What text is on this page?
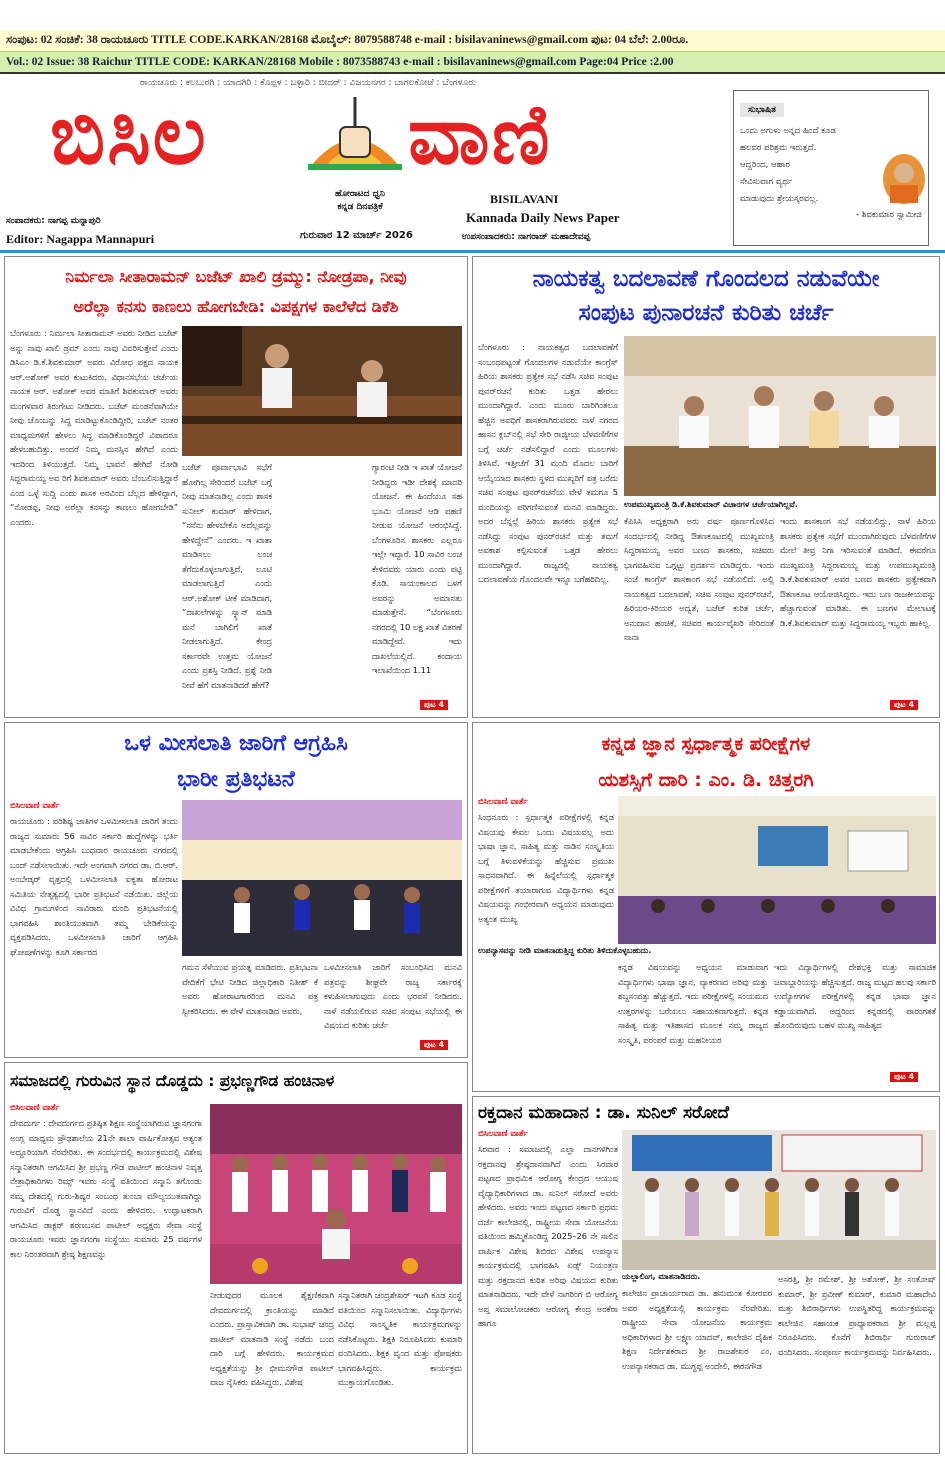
ಸಂಪುಟ: 02 ಸಂಚಿಕೆ: 38 ರಾಯಚೂರು TITLE CODE.KARKAN/28168 ಮೊಬೈಲ್: 8079588748 e-mail : bisilavaninews@gmail.com ಪುಟ: 04 ಬೆಲೆ: 2.00ರೂ.
Vol.: 02 Issue: 38 Raichur TITLE CODE: KARKAN/28168 Mobile : 8073588743 e-mail : bisilavaninews@gmail.com Page:04 Price :2.00
ರಾಯಚೂರು : ಕಲಬುರಗಿ : ಯಾದಗಿರಿ : ಕೊಪ್ಪಳ : ಬಳ್ಳಾರಿ : ಬೀದರ್ : ವಿಜಯನಗರ : ಬಾಗಲಕೋಟೆ : ಬೆಂಗಳೂರು
ಬಿಸಿಲ ವಾಣಿ
ಹೋರಾಟದ ಧ್ವನಿ
ಕನ್ನಡ ದಿನಪತ್ರಿಕೆ
BISILAVANI
Kannada Daily News Paper
ಸಂಪಾದಕರು: ನಾಗಪ್ಪ ಮನ್ನಾಪುರಿ
Editor: Nagappa Mannapuri	ಗುರುವಾರ 12 ಮಾರ್ಚ್ 2026	ಉಪಸಂಪಾದಕರು: ನಾಗರಾಜ್ ಮಹಾದೇವಪ್ಪ
ಸುಭಾಷಿತ
ಒಂದು ಅಗುಳು ಅನ್ನದ ಹಿಂದೆ ಕೂಡ
ಹಲವರ ಪರಿಶ್ರಮ ಇರುತ್ತದೆ.
ಆದ್ದರಿಂದ, ಆಹಾರ
ಸೇವಿಸುವಾಗ ವ್ಯರ್ಥ
ಮಾಡುವುದು ಶ್ರೇಯಸ್ಕರವಲ್ಲ.
- ಶಿವಕುಮಾರ ಸ್ವಾಮೀಜಿ
ನಿರ್ಮಲಾ ಸೀತಾರಾಮನ್ ಬಜೆಟ್ ಖಾಲಿ ಡ್ರಮ್ಮು: ನೋಡ್ರಪಾ, ನೀವು
ಅರೆಲ್ಲಾ ಕನಸು ಕಾಣಲು ಹೋಗಬೇಡಿ: ವಿಪಕ್ಷಗಳ ಕಾಲೆಳೆದ ಡಿಕೆಶಿ
ಬೆಂಗಳೂರು : ನಿರ್ಮಲಾ ಸೀತಾರಾಮನ್ ಅವರು ನೀಡಿದ ಬಜೆಟ್ ಅನ್ನು ನಾವು ಖಾಲಿ ಡ್ರಮ್ ಎಂದು ನಾವು ವಿವರಿಸುತ್ತೇವೆ ಎಂದು ಡಿಸಿಎಂ ಡಿ.ಕೆ.ಶಿವಕುಮಾರ್ ಅವರು ವಿರೋಧ ಪಕ್ಷದ ನಾಯಕ ಆರ್.ಅಶೋಕ್ ಅವರ ಕುಟುಕಿದರು. ವಿಧಾನಸಭೆಯ ಚರ್ಚೆಯ ನಾಯಕ ಆರ್. ಅಶೋಕ್ ಅವರ ಮಾತಿಗೆ ಶಿವಕುಮಾರ್ ಅವರು ಮಂಗಳವಾರ ತಿರುಗೇಟು ನೀಡಿದರು. ಬಜೆಟ್ ಮಂಡನೆವಾಗಿಯೇ ನೀವು ಚೊಂಬನ್ನು ಸಿದ್ಧ ಮಾಡಿಟ್ಟುಕೊಂಡಿದ್ದೀರಿ, ಬಜೆಟ್ ನಂತರ ಮಾಧ್ಯಮಗಳಿಗೆ ಹೇಳಲು ಸಿದ್ಧ ಮಾಡಿಕೊಂಡಿದ್ದರೆ ವಿಪಾದರೂ ಹೇಳಬಹುದಿತ್ತು. ಅಂದರೆ ನಿಮ್ಮ ಮನಸ್ಸಿನ ಹೇಗಿದೆ ಎಂದು ಇದರಿಂದ ತಿಳಿಯುತ್ತದೆ. ನಿಮ್ಮ ಭಾವನೆ ಹೇಗಿದೆ ನೋಡಿ ಸಿದ್ದರಾಮಯ್ಯ ಅವ ರಿಗೆ ಶಿವಕುಮಾರ್ ಅವರು ಬೆಂಬಲಿಸುತ್ತಿದ್ದಾರೆ ಎಂದ ಒಳ್ಳೆ ಸುದ್ದಿ ಎಂದು ಶಾಸಕ ಅರವಿಂದ ಬೆಲ್ಲದ ಹೇಳಿದ್ದಾಗ, “ನೋಡಪ್ಪ, ನೀವು ಅರೆಲ್ಲಾ ಕನಸನ್ನು ಕಾಣಲು ಹೋಗಬೇಡಿ” ಎಂದರು.
ಬಜೆಟ್ ಪೂರ್ವಾಭಾವಿ ಸಭೆಗೆ ಹೋಗಿಲ್ಲ ಸೇರಿಂದರೆ ಬಜೆಟ್ ಬಗ್ಗೆ ನೀವು ಮಾತನಾಡಿಲ್ಲ ಎಂದು ಶಾಸಕ ಸುನೀಲ್ ಕುಮಾರ್ ಹೇಳಿದಾಗ, “ನನೆನು ಹೇಳಬೇಕೊ ಅದೆಲ್ಲವನ್ನು ಹೇಳಿದ್ದೇನೆ” ಎಂದರು. ಇ ಖಾತಾ ಮಾಡಿಸಲು ಲಂಚ ತೆಗೆದುಕೊಳ್ಳಲಾಗುತ್ತಿದೆ, ಲೂಟಿ ಮಾಡಲಾಗುತ್ತಿದೆ ಎಂದು ಆರ್.ಅಶೋಕ್ ಟೀಕೆ ಮಾಡಿದಾಗ, “ದಾಖಲೆಗಳನ್ನು ಸ್ಕ್ಯಾನ್ ಮಾಡಿ ಮನೆ ಬಾಗಿಲಿಗೆ ಖಾತೆ ನೀಡಲಾಗುತ್ತಿದೆ. ಕೇಂದ್ರ ಸರ್ಕಾರವೇ ಉತ್ತಮ ಯೋಜನೆ ಎಂದು ಪ್ರಶಸ್ತಿ ನೀಡಿದೆ. ಪ್ರಶ್ನೆ ನೀಡಿ ನೀವೆ ಹೆಗೆ ಮಾತನಾಡಿದರೆ ಹೇಗೆ?
ಗ್ಯಾರಂಟಿ ನೀಡಿ ಇ ಖಾತೆ ಯೋಜನೆ ನೀಡಿದ್ದರು ಇಡೀ ದೇಶಕ್ಕೆ ಮಾದರಿ ಯೋಜನೆ. ಈ ಹಿಂದೆಯೂ ಸಹ ಭೂಮಿ ಯೋಜನೆ ಆಡಿ ಪಹಣಿ ನೀಡುವ ಯೋಜನೆ ಆರಂಭಿಸಿದ್ದೆ. ಬೆಂಗಳೂರಿನ ಶಾಸಕರು ಎಲ್ಲರೂ ಇಲ್ಲೇ ಇದ್ದಾರೆ. 10 ಸಾವಿರ ಲಂಚ ಕೇಳಿದವರು ಯಾರು ಎಂದು ಪಟ್ಟಿ ಕೊಡಿ. ಸಾಯಂಕಾಲದ ಒಳಗೆ ಅವರನ್ನು ಅಮಾನತು ಮಾಡುತ್ತೇನೆ. “ಬೆಂಗಳೂರು ನಗರದಲ್ಲಿ 10 ಲಕ್ಷ ಖಾತೆ ವಿತರಣೆ ಮಾಡಿದ್ದೇವೆ. ಇದು ದಾಖಲೆಯಲ್ಲಿದೆ. ಕಂದಾಯ ಇಲಾಖೆಯಿಂದ 1.11
ಪುಟ 4
ನಾಯಕತ್ವ ಬದಲಾವಣೆ ಗೊಂದಲದ ನಡುವೆಯೇ
ಸಂಪುಟ ಪುನಾರಚನೆ ಕುರಿತು ಚರ್ಚೆ
ಬೆಂಗಳೂರು : ನಾಯಕತ್ವದ ಬದಲಾವಣೆಗೆ ಸಂಬಂಧಪಟ್ಟಂತೆ ಗೊಂದಲಗಳ ನಡುವೆಯೇ ಕಾಂಗ್ರೆಸ್ ಹಿರಿಯ ಶಾಸಕರು ಪ್ರತ್ಯೇಕ ಸಭೆ ನಡೆಸಿ ಸಚಿವ ಸಂಪುಟ ಪುನರ್‌ರಚನೆ ಕುರಿತು ಒತ್ತಡ ಹೇರಲು ಮುಂದಾಗಿದ್ದಾರೆ. ಎಂದು ಮೂರು ಬಾರಿಗಿಂತಲೂ ಹೆಚ್ಚಿನ ಅವಧಿಗೆ ಶಾಸಕರಾಗಿರುವವರು ನಾಳೆ ನಗರದ ಹಾಸನ ಕ್ಲಬ್‌ನಲ್ಲಿ ಸಭೆ ಸೇರಿ ರಾಜ್ಯೀಯ ಬೆಳವಣಿಗೆಗಳ ಬಗ್ಗೆ ಚರ್ಚೆ ನಡೆಸಲಿದ್ದಾರೆ ಎಂದು ಮೂಲಗಳು ತಿಳಿಸಿವೆ. ಇತ್ತೀಚೆಗೆ 31 ಮಂದಿ ಮೊದಲ ಬಾರಿಗೆ ಆಯ್ಕೆಯಾದ ಶಾಸಕರು ಸ್ಥಳದ ಮುಖ್ಯರಿಗೆ ಪತ್ರ ಬರೆದು ಸಚಿವ ಸಂಪುಟ ಪುನರ್‌ರಚನೆಯ ವೇಳೆ ತಮಗೂ 5 ಮಂದಿಯನ್ನು ಪರಿಗಣಿಸುವಂತೆ ಮನವಿ ಮಾಡಿದ್ದರು. ಅದರ ಬೆನ್ನಲ್ಲೆ ಹಿರಿಯ ಶಾಸಕರು ಪ್ರತ್ಯೇಕ ಸಭೆ ನಡೆಸಿದ್ದು ಸಂಪುಟ ಪುನರ್‌ರಚನೆ ಮತ್ತು ತಮಗೆ ಅವಕಾಶ ಕಲ್ಪಿಸುವಂತೆ ಒತ್ತಡ ಹೇರಲು ಮುಂದಾಗಿದ್ದಾರೆ. ರಾಜ್ಯದಲ್ಲಿ ನಾಯಕತ್ವ ಬದಲಾವಣೆಯ ಗೊಂದಲವೇ ಇನ್ನೂ ಬಗೆಹರಿದಿಲ್ಲ.
ಉಪಮುಖ್ಯಮಂತ್ರಿ ಡಿ.ಕೆ.ಶಿವಕುಮಾರ್ ವಿಚಾರಗಳ ಚರ್ಚೆಯಾಗಿಲ್ಲವೆ.
ಕೆಪಿಸಿಸಿ ಅಧ್ಯಕ್ಷರಾಗಿ ಅರು ವರ್ಷ ಪೂರ್ಣಗೊಳಿಸಿದ ಸಂದರ್ಭದಲ್ಲಿ ನೀಡಿದ್ದ ಔತಣಕೂಟದಲ್ಲಿ ಮುಖ್ಯಮಂತ್ರಿ ಸಿದ್ದರಾಮಯ್ಯ ಅವರ ಬಣದ ಶಾಸಕರು, ಸಚಿವರು ಭಾಗವಹಿಸುವ ಒಗ್ಗಟ್ಟು ಪ್ರದರ್ಶನ ಮಾಡಿದ್ದರು. ಇಂದು ಸಂಜೆ ಕಾಂಗ್ರೆಸ್ ಶಾಸಕಾಂಗ ಸಭೆ ನಡೆಯಲಿದೆ. ಅಲ್ಲಿ ನಾಯಕತ್ವದ ಬದಲಾವಣೆ, ಸಚಿವ ಸಂಪುಟ ಪುನರ್‌ರಚನೆ, ಹಿರಿಯರ-ಕಿರಿಯರ ಅದ್ವತೆ, ಬಜೆಟ್ ಕುರಿತ ಚರ್ಚೆ, ಅನುದಾನ ಹಂಚಿಕೆ, ಸಚಿವರ ಕಾರ್ಯವೈಖರಿ ಸೇರಿದಂತೆ ನಾನಾ
ಇಂದು ಶಾಸಕಾಂಗ ಸಭೆ ನಡೆಯಲಿದ್ದು, ನಾಳೆ ಹಿರಿಯ ಶಾಸಕರು ಪ್ರತ್ಯೇಕ ಸಭೆಗೆ ಮುಂದಾಗಿರುವುದು ಬೆಳವಣಿಗೆಗಳ ಮೇಲೆ ತೀವ್ರ ನಿಗಾ ಇರಿಸುವಂತೆ ಮಾಡಿದೆ. ಈವರೆಗೂ ಮುಖ್ಯಮಂತ್ರಿ ಸಿದ್ದರಾಮಯ್ಯ ಮತ್ತು ಉಪಮುಖ್ಯಮಂತ್ರಿ ಡಿ.ಕೆ.ಶಿವಕುಮಾರ್ ಅವರ ಬಣದ ಶಾಸಕರು ಪ್ರತ್ಯೇಕವಾಗಿ ಔತಣಕೂಟ ಆಯೋಜಿಸಿದ್ದರು. ಇದು ಬಣ ರಾಜಕೀಯವನ್ನು ಹೆಚ್ಚಾಗುವಂತೆ ಮಾಡಿತು. ಈ ಬಣಗಳ ಮೇಲಾಟಕ್ಕೆ ಡಿ.ಕೆ.ಶಿವಕುಮಾರ್ ಮತ್ತು ಸಿದ್ದರಾಮಯ್ಯ ಇಬ್ಬರು ಹಾಕಿಲ್ಲ.
ಪುಟ 4
ಒಳ ಮೀಸಲಾತಿ ಜಾರಿಗೆ ಆಗ್ರಹಿಸಿ
ಭಾರೀ ಪ್ರತಿಭಟನೆ
ಬಿಸಿಲವಾಣಿ ವಾರ್ತೆ
ರಾಯಚೂರು : ಪರಿಶಿಷ್ಟ ಜಾತಿಗಳ ಒಳಮೀಸಲಾತಿ ಜಾರಿಗೆ ತಂದು ರಾಜ್ಯದ ಸುಮಾರು 56 ಸಾವಿರ ಸರ್ಕಾರಿ ಹುದ್ದೆಗಳನ್ನು ಭರ್ತಿ ಮಾಡಬೇಕೆಂದು ಆಗ್ರಹಿಸಿ ಬುಧವಾರ ರಾಯಚೂರು ನಗರದಲ್ಲಿ ಬಂದ್ ನಡೆಸಲಾಯಿತು. ಇದೇ ಅಂಗವಾಗಿ ನಗರದ ಡಾ. ಬಿ.ಆರ್. ಅಂಬೇಡ್ಕರ್ ವೃತ್ತದಲ್ಲಿ ಒಳಮೀಸಲಾತಿ ಐಕ್ಯತಾ ಹೋರಾಟ ಸಮಿತಿಯ ನೇತೃತ್ವದಲ್ಲಿ ಭಾರೀ ಪ್ರತಿಭಟನೆ ನಡೆಯಿತು. ಜಿಲ್ಲೆಯ ವಿವಿಧ ಗ್ರಾಮಗಳಿಂದ ಸಾವಿರಾರು ಮಂದಿ ಪ್ರತಿಭಟನೆಯಲ್ಲಿ ಭಾಗವಹಿಸಿ ಶಾಂತಿಯುತವಾಗಿ ತಮ್ಮ ಬೇಡಿಕೆಯನ್ನು ವ್ಯಕ್ತಪಡಿಸಿದರು. ಒಳಮೀಸಲಾತಿ ಜಾರಿಗೆ ಆಗ್ರಹಿಸಿ ಘೋಷಣೆಗಳನ್ನು ಕೂಗಿ ಸರ್ಕಾರದ
ಗಮನ ಸೆಳೆಯುವ ಪ್ರಯತ್ನ ಮಾಡಿದರು. ಪ್ರತಿಭಟನಾ ವೇದಿಕೆಗೆ ಭೇಟಿ ನೀಡಿದ ಜಿಲ್ಲಾಧಿಕಾರಿ ನಿತೀಶ್ ಕೆ ಅವರು ಹೋರಾಟಗಾರರಿಂದ ಮನವಿ ಪತ್ರ ಸ್ವೀಕರಿಸಿದರು. ಈ ವೇಳೆ ಮಾತನಾಡಿದ ಅವರು,
ಒಳಮೀಸಲಾತಿ ಜಾರಿಗೆ ಸಂಬಂಧಿಸಿದ ಮನವಿ ಪತ್ರವನ್ನು ಶೀಘ್ರವೇ ರಾಜ್ಯ ಸರ್ಕಾರಕ್ಕೆ ಕಳುಹಿಸಲಾಗುವುದು ಎಂದು ಭರವಸೆ ನೀಡಿದರು. ನಾಳೆ ನಡೆಯಲಿರುವ ಸಚಿವ ಸಂಪುಟ ಸಭೆಯಲ್ಲಿ ಈ ವಿಷಯದ ಕುರಿತು ಚರ್ಚೆ
ಪುಟ 4
ಕನ್ನಡ ಜ್ಞಾನ ಸ್ಪರ್ಧಾತ್ಮಕ ಪರೀಕ್ಷೆಗಳ
ಯಶಸ್ಸಿಗೆ ದಾರಿ : ಎಂ. ಡಿ. ಚಿತ್ತರಗಿ
ಬಿಸಿಲವಾಣಿ ವಾರ್ತೆ
ಸಿಂಧನೂರು : ಸ್ಪರ್ಧಾತ್ಮಕ ಪರೀಕ್ಷೆಗಳಲ್ಲಿ ಕನ್ನಡ ವಿಷಯವು ಕೇವಲ ಒಂದು ವಿಷಯವಲ್ಲ ಅದು ಭಾಷಾ ಜ್ಞಾನ, ಸಾಹಿತ್ಯ ಮತ್ತು ನಾಡಿನ ಸಂಸ್ಕೃತಿಯ ಬಗ್ಗೆ ತಿಳುವಳಿಕೆಯನ್ನು ಹೆಚ್ಚಿಸುವ ಪ್ರಮುಖ ಸಾಧನವಾಗಿದೆ. ಈ ಹಿನ್ನೆಲೆಯಲ್ಲಿ ಸ್ಪರ್ಧಾತ್ಮಕ ಪರೀಕ್ಷೆಗಳಿಗೆ ತಯಾರಾಗುವ ವಿದ್ಯಾರ್ಥಿಗಳು ಕನ್ನಡ ವಿಷಯವನ್ನು ಗಂಭೀರವಾಗಿ ಅಧ್ಯಯನ ಮಾಡುವುದು ಅತ್ಯಂತ ಮುಖ್ಯ
ಉಪನ್ಯಾಸವನ್ನು ನೀಡಿ ಮಾತನಾಡುತ್ತಿದ್ದ ಕುರಿತು ತಿಳಿದುಕೊಳ್ಳಬಹುದು.
ಕನ್ನಡ ವಿಷಯವನ್ನು ಅಧ್ಯಯನ ಮಾಡುವಾಗ ವಿದ್ಯಾರ್ಥಿಗಳು ಭಾಷಾ ಜ್ಞಾನ, ವ್ಯಾಕರಣದ ಅರಿವು ಮತ್ತು ಶಬ್ದಸಂಪತ್ತು ಹೆಚ್ಚುತ್ತದೆ. ಇದು ಪರೀಕ್ಷೆಗಳಲ್ಲಿ ಸಂಯಮದ ಉತ್ತರಗಳನ್ನು ಬರೆಯಲು ಸಹಾಯಕವಾಗುತ್ತದೆ. ಕನ್ನಡ ಸಾಹಿತ್ಯ ಮತ್ತು ಇತಿಹಾಸದ ಮೂಲಕ ನಮ್ಮ ರಾಜ್ಯದ ಸಂಸ್ಕೃತಿ, ಪರಂಪರೆ ಮತ್ತು ಮಹನೀಯರ
ಇದು ವಿದ್ಯಾರ್ಥಿಗಳಲ್ಲಿ ದೇಶಭಕ್ತಿ ಮತ್ತು ಸಾಮಾಜಿಕ ಜವಾಬ್ದಾರಿಯನ್ನು ಹೆಚ್ಚಿಸುತ್ತದೆ. ರಾಜ್ಯ ಮಟ್ಟದ ಹಲವು ಸರ್ಕಾರಿ ಉದ್ಯೋಗಗಳ ಪರೀಕ್ಷೆಗಳಲ್ಲಿ ಕನ್ನಡ ಭಾಷಾ ಜ್ಞಾನ ಕಡ್ಡಾಯವಾಗಿದೆ. ಆದ್ದರಿಂದ ಕನ್ನಡದಲ್ಲಿ ಪಾರಂಗತತೆ ಹೊಂದಿರುವುದು ಬಹಳ ಮುಖ್ಯ ಸಾಹಿತ್ಯದ
ಪುಟ 4
ಸಮಾಜದಲ್ಲಿ ಗುರುವಿನ ಸ್ಥಾನ ದೊಡ್ಡದು : ಪ್ರಭಣ್ಣಗೌಡ ಹಂಚಿನಾಳ
ಬಿಸಿಲವಾಣಿ ವಾರ್ತೆ
ದೇವದುರ್ಗ : ದೇವದುರ್ಗದ ಪ್ರತಿಷ್ಠಿತ ಶಿಕ್ಷಣ ಸಂಸ್ಥೆಯಾಗಿರುವ ಜ್ಞಾನಗಂಗಾ ಅಂಗ್ಲ ಮಾಧ್ಯಮ ಪ್ರೌಢಶಾಲೆಯ 21ನೇ ಶಾಲಾ ವಾರ್ಷಿಕೋತ್ಸವ ಅತ್ಯಂತ ಅದ್ದೂರಿಯಾಗಿ ನೆರವೇರಿತು. ಈ ಸಂದರ್ಭದಲ್ಲಿ ಕಾರ್ಯಕ್ರಮದಲ್ಲಿ ವಿಶೇಷ ಸನ್ಮಾನಿತರಾಗಿ ಆಗಮಿಸಿದ ಶ್ರೀ ಪ್ರಭಣ್ಣ ಗೌಡ ಪಾಟೀಲ್ ಹಂಚಿನಾಳ ನಿವೃತ್ತ ನೇತ್ರಾಧಿಕಾರಿಗಳು ರಿಮ್ಸ್ ಇವರು ಸಂಸ್ಥೆ ವತಿಯಿಂದ ಸನ್ಮಾನಿ ತಗೊಂಡು ನಮ್ಮ ದೇಶದಲ್ಲಿ ಗುರು-ಶಿಷ್ಯರ ಸಂಬಂಧ ತುಂಬಾ ಮೌಲ್ಯಯುತವಾಗಿದ್ದು ಗುರುವಿಗೆ ದೊಡ್ಡ ಸ್ಥಾನವಿದೆ ಎಂದು ಹೇಳಿದರು. ಉದ್ಘಾಟಕರಾಗಿ ಆಗಮಿಸಿದ ಡಾಕ್ಟರ್ ಶರಣಬಸವ ಪಾಟೀಲ್ ಅಧ್ಯಕ್ಷರು ಸೇವಾ ಸಂಸ್ಥೆ ರಾಯಚೂರು ಇವರು ಜ್ಞಾನಗಂಗಾ ಸಂಸ್ಥೆಯು ಸುಮಾರು 25 ವರ್ಷಗಳ ಕಾಲ ನಿರಂತರವಾಗಿ ಶ್ರೇಷ್ಠ ಶಿಕ್ಷಣವನ್ನು
ನೀಡುವುದರ ಮೂಲಕ ಶೈಕ್ಷಣಿಕವಾಗಿ ದೇವದುರ್ಗದಲ್ಲಿ ಕ್ರಾಂತಿಯನ್ನು ಮಾಡಿದೆ ಎಂದರು. ಪ್ರಾಸ್ತಾವಿಕವಾಗಿ ಡಾ. ಸುಭಾಷ್ ಚಂದ್ರ ಪಾಟೀಲ್ ಮಾತನಾಡಿ ಸಂಸ್ಥೆ ನಡೆದು ಬಂದ ದಾರಿ ಬಗ್ಗೆ ಹೇಳಿದರು. ಕಾರ್ಯಕ್ರಮದ ಅಧ್ಯಕ್ಷತೆಯನ್ನು ಶ್ರೀ ಭೀಮನಗೌಡ ಪಾಟೀಲ್ ವಾಜ ನೈಸಿಕರು ವಹಿಸಿದ್ದರು. ವಿಶೇಷ
ಸನ್ಮಾನಿತರಾಗಿ ಚಂದ್ರಶೇಖರ್ ಇಟಗಿ ಕೂಡ ಸಂಸ್ಥೆ ವತಿಯಿಂದ ಸನ್ಮಾನಿಸಲಾಯಿತು. ವಿದ್ಯಾರ್ಥಿಗಳು ವಿವಿಧ ಸಾಂಸ್ಕೃತಿಕ ಕಾರ್ಯಕ್ರಮಗಳನ್ನು ನಡೆಸಿಕೊಟ್ಟರು. ಶಿಕ್ಷಕಿ ನಿರೂಪಿಸಿದರು ಕುಮಾರಿ ವಂದಿಸಿದರು. ಶಿಕ್ಷಕ ವೃಂದ ಮತ್ತು ಪೋಷಕರು ಭಾಗವಹಿಸಿದ್ದರು. ಕಾರ್ಯಕ್ರಮ ಮುಕ್ತಾಯಗೊಂಡಿತು.
ರಕ್ತದಾನ ಮಹಾದಾನ : ಡಾ. ಸುನಿಲ್ ಸರೋದೆ
ಬಿಸಿಲವಾಣಿ ವಾರ್ತೆ
ಸಿರವಾರ : ಸಮಾಜದಲ್ಲಿ ಎಲ್ಲಾ ದಾನಗಳಿಗಿಂತ ರಕ್ತದಾನವು ಶ್ರೇಷ್ಠದಾನವಾಗಿದೆ ಎಂದು ಸಿರವಾರ ಪಟ್ಟಣದ ಪ್ರಾಥಮಿಕ ಆರೋಗ್ಯ ಕೇಂದ್ರದ ಆಯುಷ ವೈದ್ಯಾಧಿಕಾರಿಗಳಾದ ಡಾ. ಸುನಿಲ್ ಸರೋದೆ ಅವರು ಹೇಳಿದರು. ಅವರು ಇಂದು ಪಟ್ಟಣದ ಸರ್ಕಾರಿ ಪ್ರಥಮ ದರ್ಜೆ ಕಾಲೇಜಿನಲ್ಲಿ, ರಾಷ್ಟ್ರೀಯ ಸೇವಾ ಯೋಜನೆಯ ವತಿಯಿಂದ ಹಮ್ಮಿಕೊಂಡಿದ್ದ 2025–26 ನೇ ಸಾಲಿನ ವಾರ್ಷಿಕ ವಿಶೇಷ ಶಿಬಿರದ ವಿಶೇಷ ಉಪನ್ಯಾಸ ಕಾರ್ಯಕ್ರಮದಲ್ಲಿ ಭಾಗವಹಿಸಿ ಏಡ್ಸ್ ನಿಯಂತ್ರಣ ಮತ್ತು ರಕ್ತದಾನದ ಕುರಿತ ಅರಿವು ವಿಷಯದ ಕುರಿತು ಮಾತನಾಡಿದರು. ಇದೇ ವೇಳೆ ನಾಗರಿಂಗ ಬಿ ಆರೋಗ್ಯ ಅಪ್ತ ಸಮಾಲೋಚಕರು ಆರೋಗ್ಯ ಕೇಂದ್ರ ಅರಕೆರಾ ಹಾಗೂ
ಯಲ್ಲಾಲಿಂಗ, ಮಾತನಾಡಿದರು.
ಕಾಲೇಜಿನ ಪ್ರಾಚಾರ್ಯರಾದ ಡಾ. ಹನುಮಂತ ಕೋರವರ ಅವರ ಅಧ್ಯಕ್ಷತೆಯಲ್ಲಿ ಕಾರ್ಯಕ್ರಮ ನೆರವೇರಿತು. ರಾಷ್ಟ್ರೀಯ ಸೇವಾ ಯೋಜನೆಯ ಕಾರ್ಯಕ್ರಮ ಅಧಿಕಾರಿಗಳಾದ ಶ್ರೀ ಲಕ್ಷ್ಮಣ ಯಾದವ್, ಕಾಲೇಜಿನ ದೈಹಿಕ ಶಿಕ್ಷಣ ನಿರ್ದೇಶಕರಾದ ಶ್ರೀ ರಾಜಶೇಖರ ಎಂ, ಉಪನ್ಯಾಸಕರಾದ ಡಾ. ಮುಗ್ಧಪ್ಪ ಅಂದೇಲಿ, ಈರನಗೌಡ
ಅಸರತ್ತಿ, ಶ್ರೀ ರಮೇಶ್, ಶ್ರೀ ಅಶೋಕ್, ಶ್ರೀ ಸಂತೋಷ್ ಕುಮಾರ್, ಶ್ರೀ ಪ್ರವೀಣ್ ಕುಮಾರ್, ಕುಮಾರಿ ಮಹಾದೇವಿ ಮತ್ತು ಶಿಬಿರಾರ್ಥಿಗಳು ಉಪಸ್ಥಿತರಿದ್ದ ಕಾರ್ಯಕ್ರಮವನ್ನು ಕಾಲೇಜಿನ ಸಹಾಯಕ ಪ್ರಾಧ್ಯಾಪಕರಾದ ಶ್ರೀ ಮಲ್ಲಪ್ಪ ನಿರೂಪಿಸಿದರು. ಕೊನೆಗೆ ಶಿಬಿರಾರ್ಥಿ ಗುರುರಾಜ್ ವಂದಿಸಿದರು. ಸಂಪೂರ್ಣ ಕಾರ್ಯಕ್ರಮವನ್ನು ನಿರ್ವಹಿಸಿದರು.
